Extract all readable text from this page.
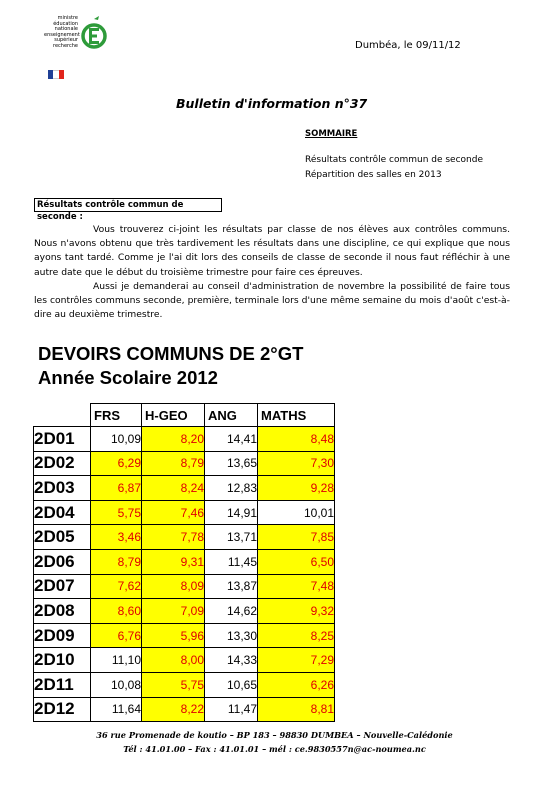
ministre
éducation
nationale
enseignement
supérieur
recherche	Dumbéa, le 09/11/12
Bulletin d'information n°37
SOMMAIRE
Résultats contrôle commun de seconde
Répartition des salles en 2013
Résultats contrôle commun de seconde :

Vous trouverez ci-joint les résultats par classe de nos élèves aux contrôles communs. Nous n'avons obtenu que très tardivement les résultats dans une discipline, ce qui explique que nous ayons tant tardé. Comme je l'ai dit lors des conseils de classe de seconde il nous faut réfléchir à une autre date que le début du troisième trimestre pour faire ces épreuves.

Aussi je demanderai au conseil d'administration de novembre la possibilité de faire tous les contrôles communs seconde, première, terminale lors d'une même semaine du mois d'août c'est-à-dire au deuxième trimestre.

DEVOIRS COMMUNS DE 2°GT
Année Scolaire 2012
	FRS	H-GEO	ANG	MATHS
2D01	10,09	8,20	14,41	8,48
2D02	6,29	8,79	13,65	7,30
2D03	6,87	8,24	12,83	9,28
2D04	5,75	7,46	14,91	10,01
2D05	3,46	7,78	13,71	7,85
2D06	8,79	9,31	11,45	6,50
2D07	7,62	8,09	13,87	7,48
2D08	8,60	7,09	14,62	9,32
2D09	6,76	5,96	13,30	8,25
2D10	11,10	8,00	14,33	7,29
2D11	10,08	5,75	10,65	6,26
2D12	11,64	8,22	11,47	8,81
36 rue Promenade de koutio – BP 183 – 98830 DUMBEA – Nouvelle-Calédonie
Tél : 41.01.00 – Fax : 41.01.01 – mél : ce.9830557n@ac-noumea.nc
